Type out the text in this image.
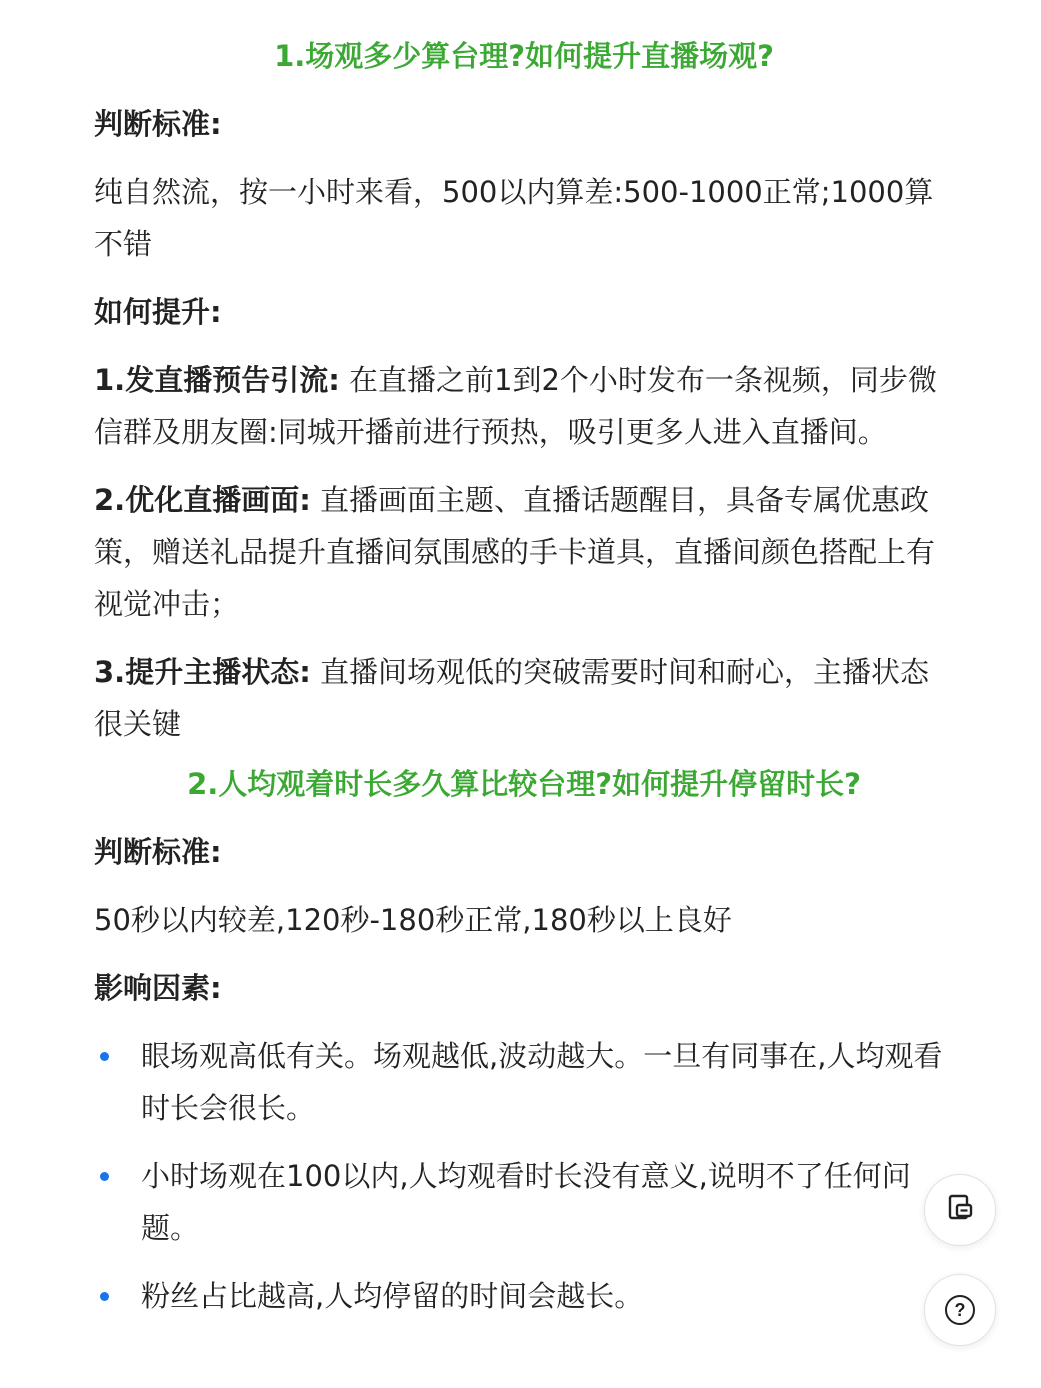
1.场观多少算台理?如何提升直播场观?
判断标准:

纯自然流，按一小时来看，500以内算差:500-1000正常;1000算不错

如何提升:

1.发直播预告引流: 在直播之前1到2个小时发布一条视频，同步微信群及朋友圈:同城开播前进行预热，吸引更多人进入直播间。

2.优化直播画面: 直播画面主题、直播话题醒目，具备专属优惠政策，赠送礼品提升直播间氛围感的手卡道具，直播间颜色搭配上有视觉冲击；

3.提升主播状态: 直播间场观低的突破需要时间和耐心，主播状态很关键

2.人均观着时长多久算比较台理?如何提升停留时长?
判断标准:

50秒以内较差,120秒-180秒正常,180秒以上良好

影响因素:
眼场观高低有关。场观越低,波动越大。一旦有同事在,人均观看时长会很长。
小时场观在100以内,人均观看时长没有意义,说明不了任何问题。
粉丝占比越高,人均停留的时间会越长。	?
